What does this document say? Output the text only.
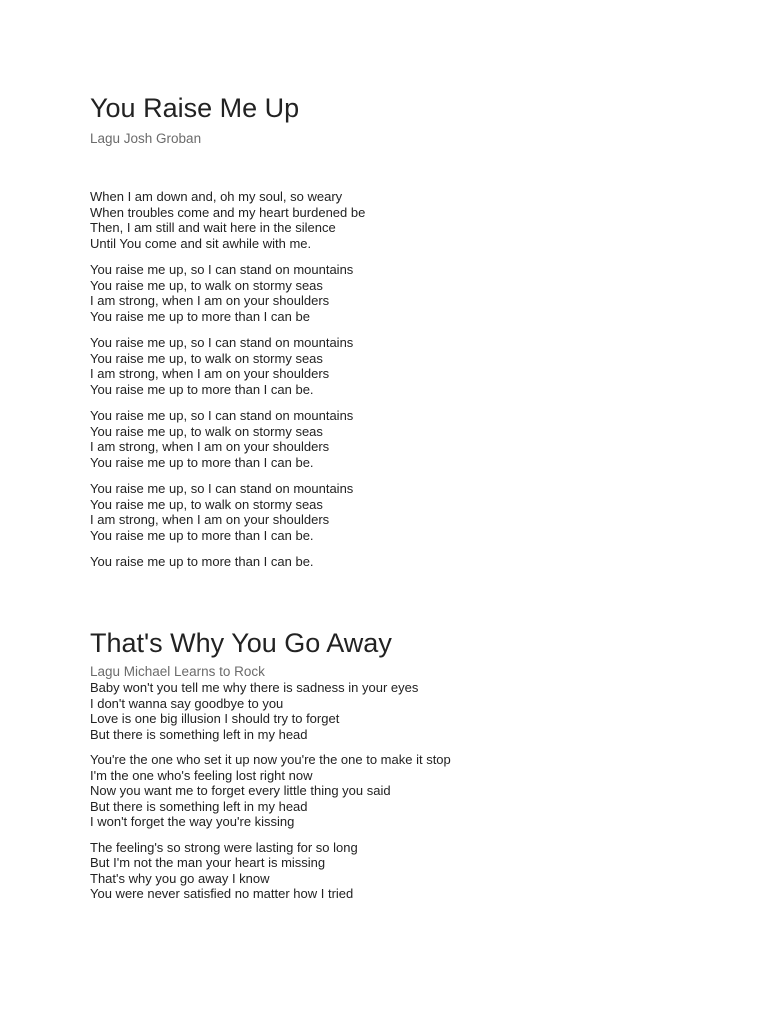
You Raise Me Up

Lagu Josh Groban

When I am down and, oh my soul, so weary
When troubles come and my heart burdened be
Then, I am still and wait here in the silence
Until You come and sit awhile with me.
You raise me up, so I can stand on mountains
You raise me up, to walk on stormy seas
I am strong, when I am on your shoulders
You raise me up to more than I can be
You raise me up, so I can stand on mountains
You raise me up, to walk on stormy seas
I am strong, when I am on your shoulders
You raise me up to more than I can be.
You raise me up, so I can stand on mountains
You raise me up, to walk on stormy seas
I am strong, when I am on your shoulders
You raise me up to more than I can be.
You raise me up, so I can stand on mountains
You raise me up, to walk on stormy seas
I am strong, when I am on your shoulders
You raise me up to more than I can be.
You raise me up to more than I can be.
That's Why You Go Away

Lagu Michael Learns to Rock

Baby won't you tell me why there is sadness in your eyes
I don't wanna say goodbye to you
Love is one big illusion I should try to forget
But there is something left in my head
You're the one who set it up now you're the one to make it stop
I'm the one who's feeling lost right now
Now you want me to forget every little thing you said
But there is something left in my head
I won't forget the way you're kissing
The feeling's so strong were lasting for so long
But I'm not the man your heart is missing
That's why you go away I know
You were never satisfied no matter how I tried
